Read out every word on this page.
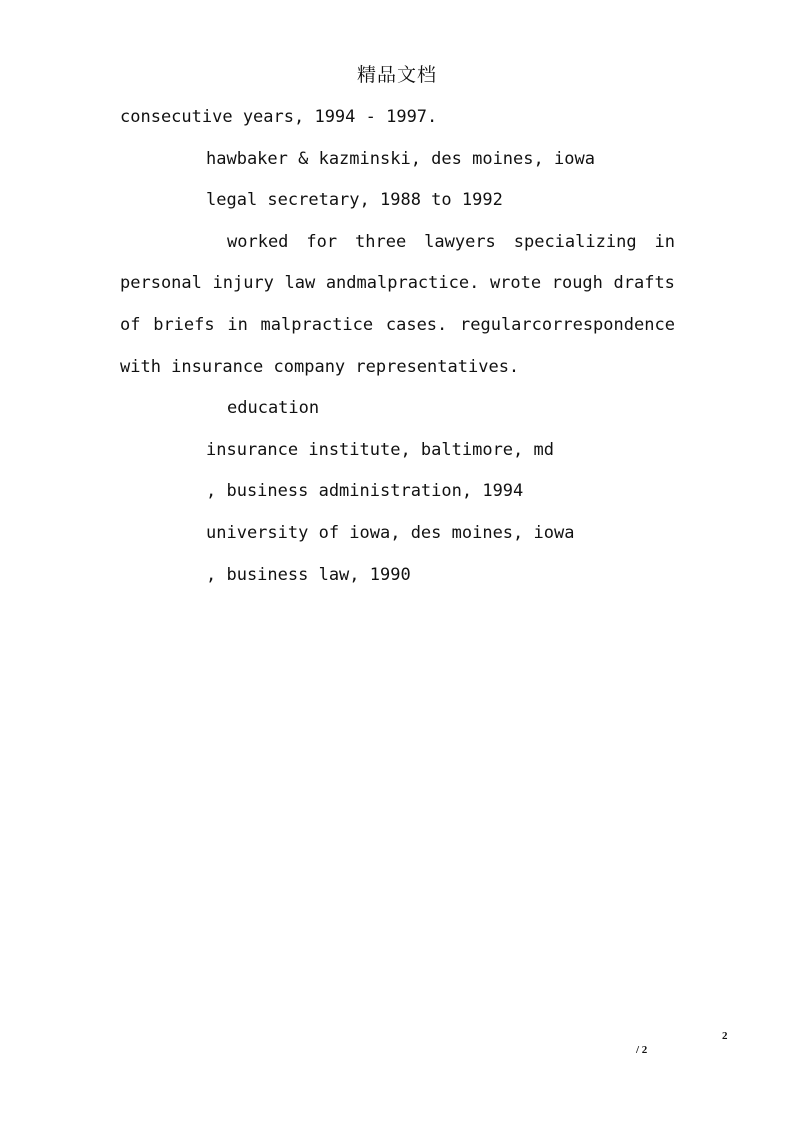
精品文档
consecutive years, 1994 - 1997.
hawbaker & kazminski, des moines, iowa
legal secretary, 1988 to 1992
worked for three lawyers specializing in
personal injury law andmalpractice. wrote rough drafts
of briefs in malpractice cases. regularcorrespondence
with insurance company representatives.
education
insurance institute, baltimore, md
, business administration, 1994
university of iowa, des moines, iowa
, business law, 1990
2
/ 2
